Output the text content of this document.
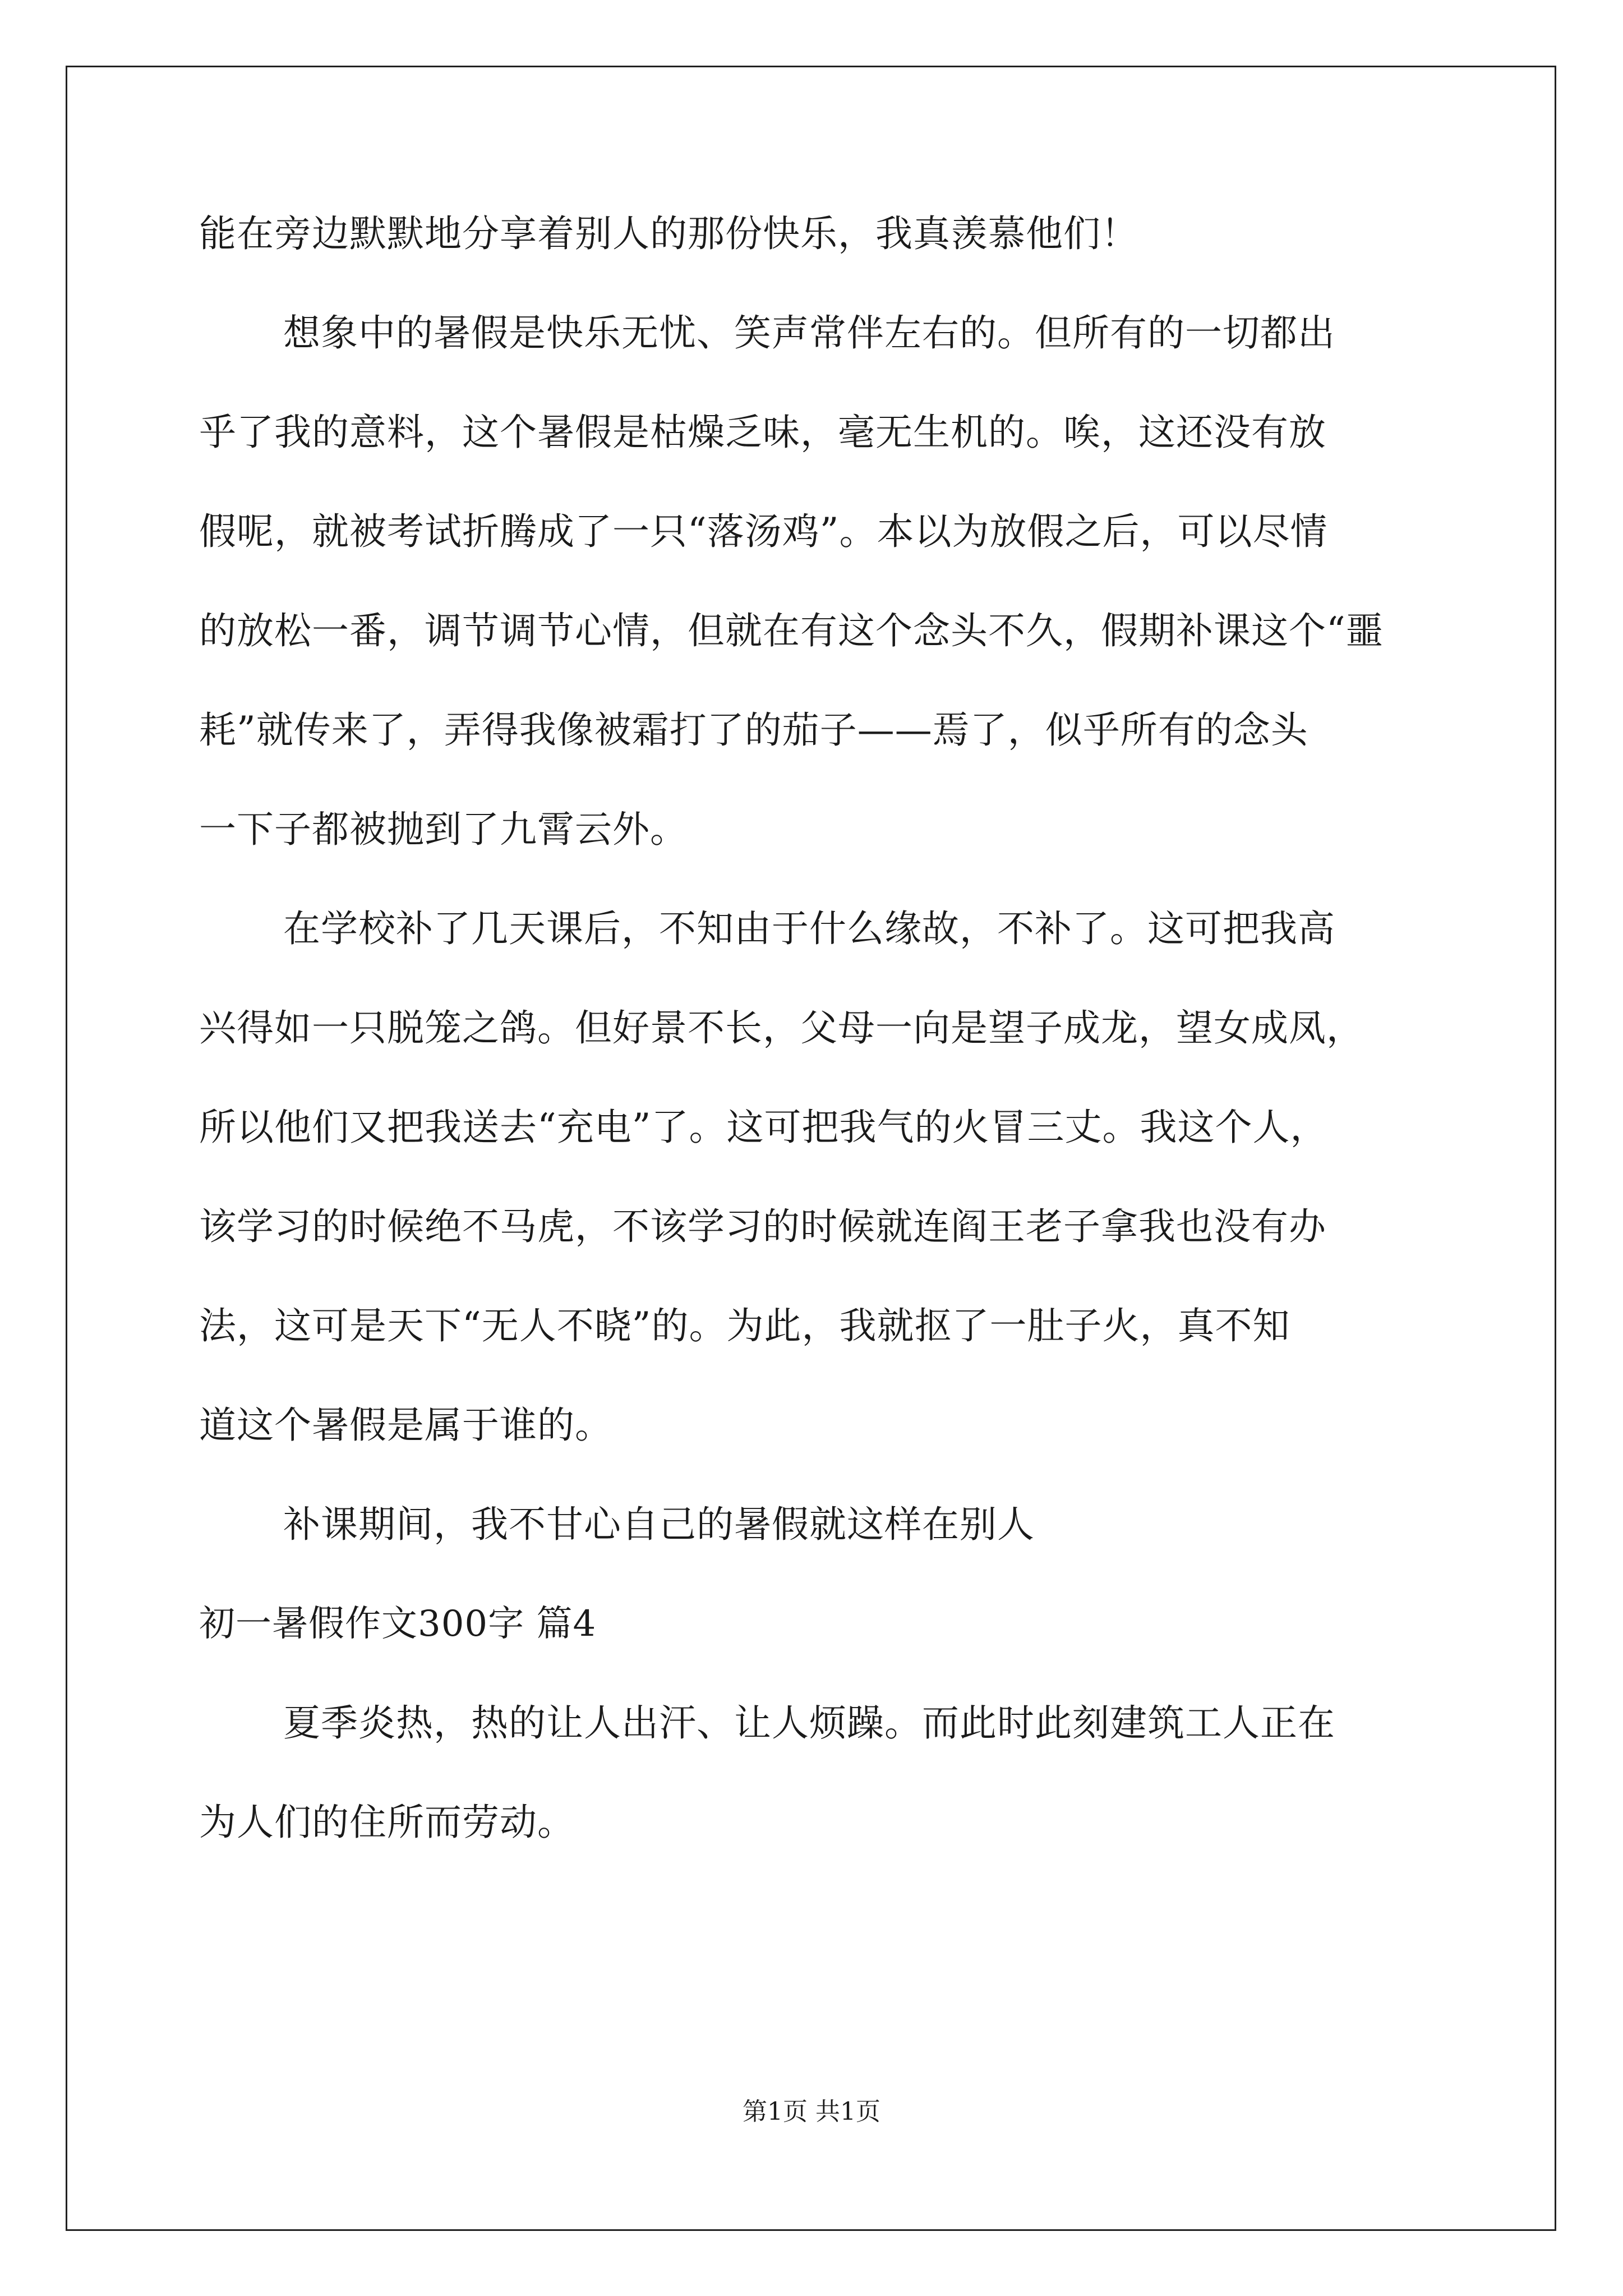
能在旁边默默地分享着别人的那份快乐，我真羡慕他们！
想象中的暑假是快乐无忧、笑声常伴左右的。但所有的一切都出
乎了我的意料，这个暑假是枯燥乏味，毫无生机的。唉，这还没有放
假呢，就被考试折腾成了一只“落汤鸡”。本以为放假之后，可以尽情
的放松一番，调节调节心情，但就在有这个念头不久，假期补课这个“噩
耗”就传来了，弄得我像被霜打了的茄子——焉了，似乎所有的念头
一下子都被抛到了九霄云外。
在学校补了几天课后，不知由于什么缘故，不补了。这可把我高
兴得如一只脱笼之鸽。但好景不长，父母一向是望子成龙，望女成凤，
所以他们又把我送去“充电”了。这可把我气的火冒三丈。我这个人，
该学习的时候绝不马虎，不该学习的时候就连阎王老子拿我也没有办
法，这可是天下“无人不晓”的。为此，我就抠了一肚子火，真不知
道这个暑假是属于谁的。
补课期间，我不甘心自己的暑假就这样在别人
初一暑假作文300字 篇4
夏季炎热，热的让人出汗、让人烦躁。而此时此刻建筑工人正在
为人们的住所而劳动。
第1页 共1页
